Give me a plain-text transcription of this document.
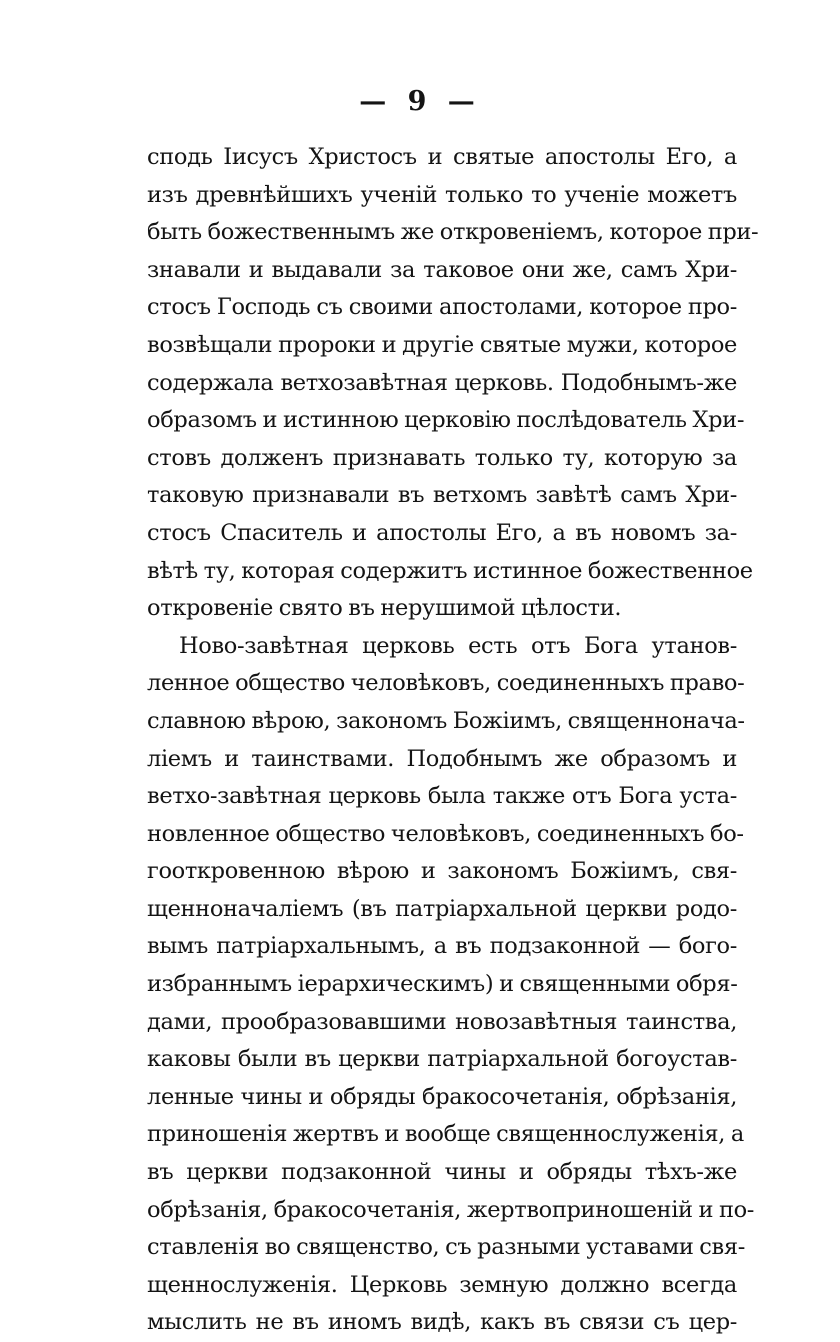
— 9 —
сподь Іисусъ Христосъ и святые апостолы Его, а
изъ древнѣйшихъ ученій только то ученіе можетъ
быть божественнымъ же откровеніемъ, которое при-
знавали и выдавали за таковое они же, самъ Хри-
стосъ Господь съ своими апостолами, которое про-
возвѣщали пророки и другіе святые мужи, которое
содержала ветхозавѣтная церковь. Подобнымъ-же
образомъ и истинною церковію послѣдователь Хри-
стовъ долженъ признавать только ту, которую за
таковую признавали въ ветхомъ завѣтѣ самъ Хри-
стосъ Спаситель и апостолы Его, а въ новомъ за-
вѣтѣ ту, которая содержитъ истинное божественное
откровеніе свято въ нерушимой цѣлости.
Ново-завѣтная церковь есть отъ Бога утанов-
ленное общество человѣковъ, соединенныхъ право-
славною вѣрою, закономъ Божіимъ, священнонача-
ліемъ и таинствами. Подобнымъ же образомъ и
ветхо-завѣтная церковь была также отъ Бога уста-
новленное общество человѣковъ, соединенныхъ бо-
гооткровенною вѣрою и закономъ Божіимъ, свя-
щенноначаліемъ (въ патріархальной церкви родо-
вымъ патріархальнымъ, а въ подзаконной — бого-
избраннымъ іерархическимъ) и священными обря-
дами, прообразовавшими новозавѣтныя таинства,
каковы были въ церкви патріархальной богоустав-
ленные чины и обряды бракосочетанія, обрѣзанія,
приношенія жертвъ и вообще священнослуженія, а
въ церкви подзаконной чины и обряды тѣхъ-же
обрѣзанія, бракосочетанія, жертвоприношеній и по-
ставленія во священство, съ разными уставами свя-
щеннослуженія. Церковь земную должно всегда
мыслить не въ иномъ видѣ, какъ въ связи съ цер-
